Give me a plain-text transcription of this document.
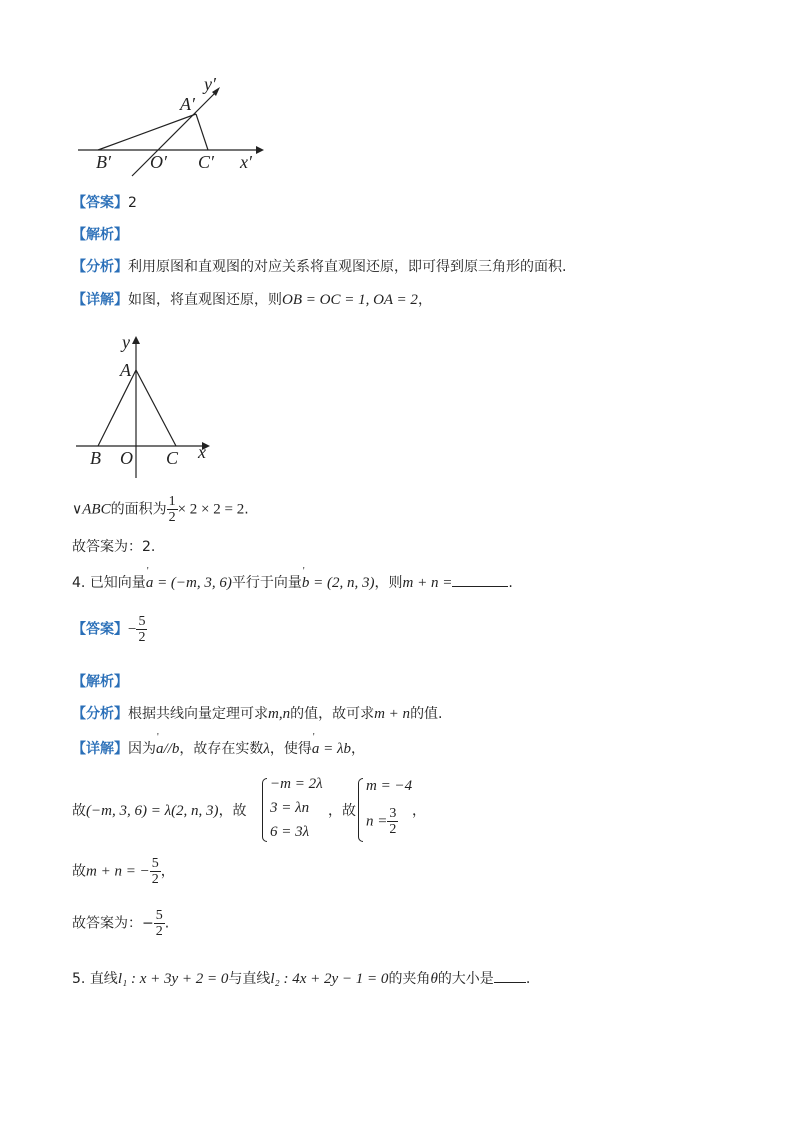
y′
A′
B′ O′ C′ x′
【答案】2
【解析】
【分析】利用原图和直观图的对应关系将直观图还原，即可得到原三角形的面积.
【详解】如图，将直观图还原，则OB = OC = 1, OA = 2，
y
A
B O C x
∨ABC的面积为 $\frac{1}{2} \times 2 \times 2 = 2$.
故答案为：2.
4. 已知向量' a = (−m, 3, 6)平行于向量' b = (2, n, 3)，则m + n =	.
【答案】− $\frac{5}{2}$
【解析】
【分析】根据共线向量定理可求m,n的值，故可求m + n的值.
【详解】因为' a//b，故存在实数λ，使得' a = λb，
故(−m, 3, 6) = λ(2, n, 3)，故
−m = 2λ
3 = λn
6 = 3λ
，故
m = −4
$n = \frac{3}{2}$ ，
故m + n = − $\frac{5}{2}$ ，
故答案为：− $\frac{5}{2}$ .
5. 直线l₁ : x + 3y + 2 = 0与直线l₂ : 4x + 2y − 1 = 0的夹角θ的大小是 .
